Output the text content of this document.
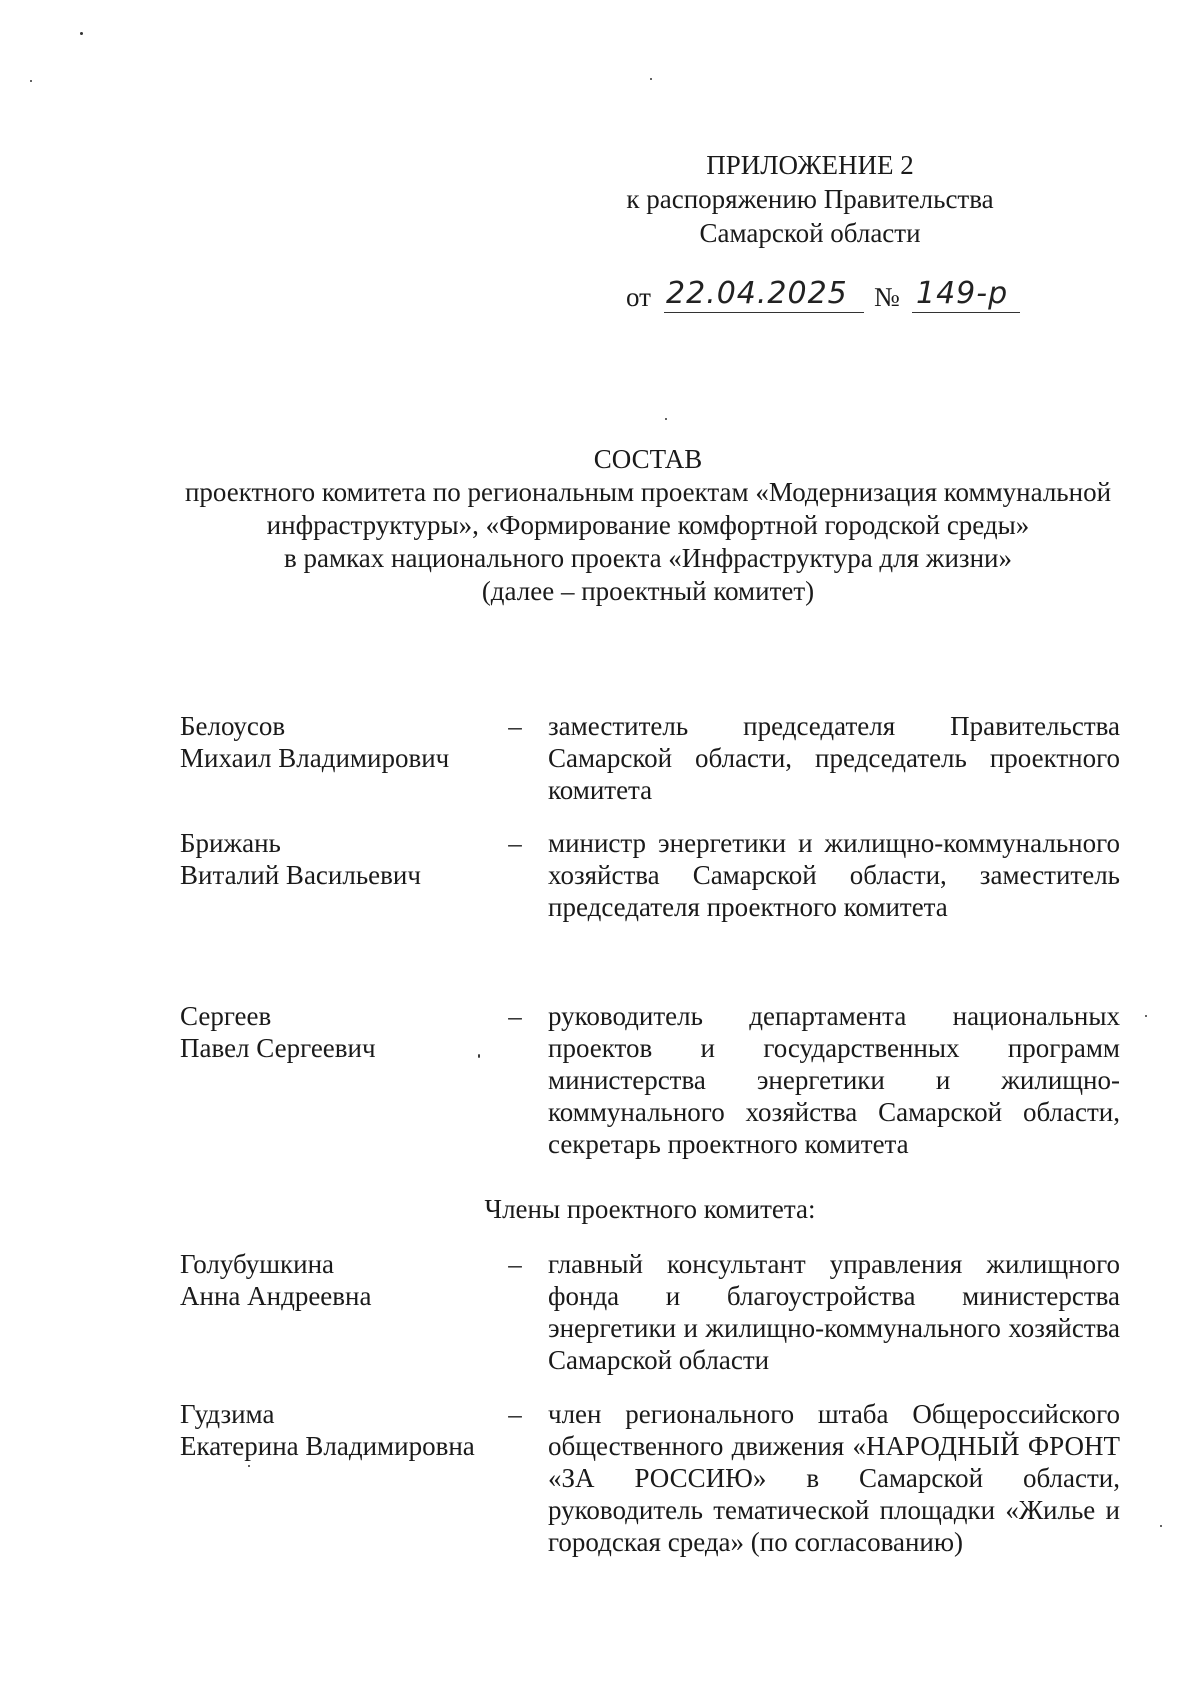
ПРИЛОЖЕНИЕ 2
к распоряжению Правительства
Самарской области
от 22.04.2025 № 149-р
СОСТАВ
проектного комитета по региональным проектам «Модернизация коммунальной
инфраструктуры», «Формирование комфортной городской среды»
в рамках национального проекта «Инфраструктура для жизни»
(далее – проектный комитет)
Белоусов
Михаил Владимирович
– заместитель председателя Правительства Самарской области, председатель проектного комитета
Брижань
Виталий Васильевич
– министр энергетики и жилищно-коммунального хозяйства Самарской области, заместитель председателя проектного комитета
Сергеев
Павел Сергеевич
– руководитель департамента национальных проектов и государственных программ министерства энергетики и жилищно-коммунального хозяйства Самарской области, секретарь проектного комитета
Члены проектного комитета:
Голубушкина
Анна Андреевна
– главный консультант управления жилищного фонда и благоустройства министерства энергетики и жилищно-коммунального хозяйства Самарской области
Гудзима
Екатерина Владимировна
– член регионального штаба Общероссийского общественного движения «НАРОДНЫЙ ФРОНТ «ЗА РОССИЮ» в Самарской области, руководитель тематической площадки «Жилье и городская среда» (по согласованию)
